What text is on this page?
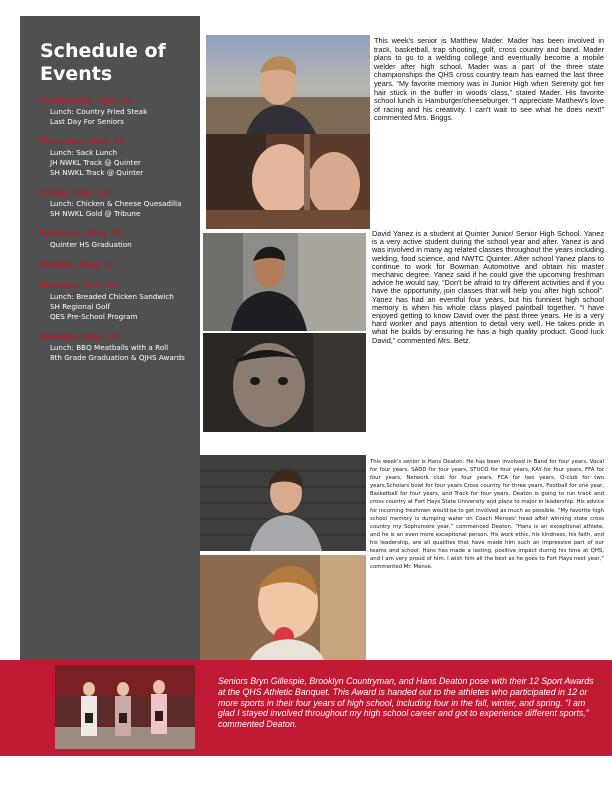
Schedule of
Events
Wednesday, May 13
Lunch: Country Fried Steak
Last Day For Seniors
Thursday, May 14
Lunch: Sack Lunch
JH NWKL Track @ Quinter
SH NWKL Track @ Quinter
Friday, May 15
Lunch: Chicken & Cheese Quesadilla
SH NWKL Gold @ Tribune
Saturday, May 16
Quinter HS Graduation
Sunday, May 17
Monday, May 18
Lunch: Breaded Chicken Sandwich
SH Regional Golf
QES Pre-School Program
Tuesday, May 19
Lunch: BBQ Meatballs with a Roll
8th Grade Graduation & QJHS Awards

This week's senior is Matthew Mader. Mader has been involved in track, basketball, trap shooting, golf, cross country and band. Mader plans to go to a welding college and eventually become a mobile welder after high school. Mader was a part of the three state championships the QHS cross country team has earned the last three years. “My favorite memory was in Junior High when Serenity got her hair stuck in the buffer in woods class,” stated Mader. His favorite school lunch is Hamburger/cheeseburger. “I appreciate Matthew's love of racing and his creativity. I can't wait to see what he does next!” commented Mrs. Briggs.

David Yanez is a student at Quinter Junior/ Senior High School. Yanez is a very active student during the school year and after. Yanez is and was involved in many ag related classes throughout the years including welding, food science, and NWTC Quinter. After school Yanez plans to continue to work for Bowman Automotive and obtain his master mechanic degree. Yanez said if he could give the upcoming freshman advice he would say, “Don't be afraid to try different activities and if you have the opportunity, join classes that will help you after high school”. Yanez has had an eventful four years, but his funniest high school memory is when his whole class played paintball together. “I have enjoyed getting to know David over the past three years. He is a very hard worker and pays attention to detail very well. He takes pride in what he builds by ensuring he has a high quality product. Good luck David,” commented Mrs. Betz.

This week's senior is Hans Deaton. He has been involved in Band for four years, Vocal for four years, SADD for four years, STUCO for four years, KAY for four years, FFA for four years, Network club for four years, FCA for two years, Q-club for two years,Scholars bowl for four years Cross country for three years, Football for one year, Basketball for four years, and Track for four years. Deaton is going to run track and cross country at Fort Hays State University and plans to major in leadership. His advice for incoming freshmen would be to get involved as much as possible. “My favorite high school memory is dumping water on Coach Menses' head after winning state cross country my Sophomore year,” commenced Deaton. “Hans is an exceptional athlete, and he is an even more exceptional person. His work ethic, his kindness, his faith, and his leadership, are all qualities that have made him such an impressive part of our teams and school. Hans has made a lasting, positive impact during his time at QHS, and I am very proud of him. I wish him all the best as he goes to Fort Hays next year,” commented Mr. Mense.

Seniors Bryn Gillespie, Brooklyn Countryman, and Hans Deaton pose with their 12 Sport Awards at the QHS Athletic Banquet. This Award is handed out to the athletes who participated in 12 or more sports in their four years of high school, including four in the fall, winter, and spring. “I am glad I stayed involved throughout my high school career and got to experience different sports,” commented Deaton.
